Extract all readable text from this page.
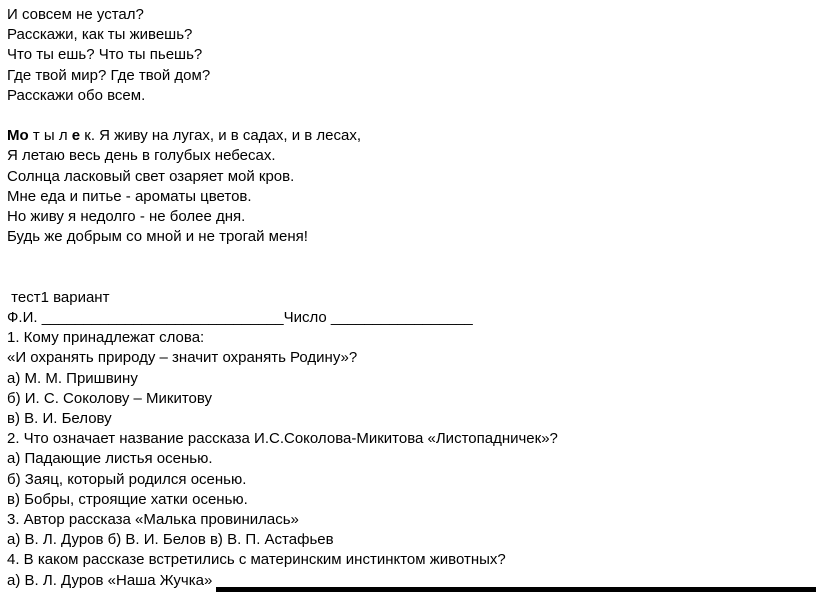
И совсем не устал?
Расскажи, как ты живешь?
Что ты ешь? Что ты пьешь?
Где твой мир? Где твой дом?
Расскажи обо всем.

Мо т ы л е к. Я живу на лугах, и в садах, и в лесах,
Я летаю весь день в голубых небесах.
Солнца ласковый свет озаряет мой кров.
Мне еда и питье - ароматы цветов.
Но живу я недолго - не более дня.
Будь же добрым со мной и не трогай меня!

тест1 вариант
Ф.И. _____________________________Число _________________
1. Кому принадлежат слова:
«И охранять природу – значит охранять Родину»?
а) М. М. Пришвину
б) И. С. Соколову – Микитову
в) В. И. Белову
2. Что означает название рассказа И.С.Соколова-Микитова «Листопадничек»?
а) Падающие листья осенью.
б) Заяц, который родился осенью.
в) Бобры, строящие хатки осенью.
3. Автор рассказа «Малька провинилась»
а) В. Л. Дуров б) В. И. Белов в) В. П. Астафьев
4. В каком рассказе встретились с материнским инстинктом животных?
а) В. Л. Дуров «Наша Жучка»
